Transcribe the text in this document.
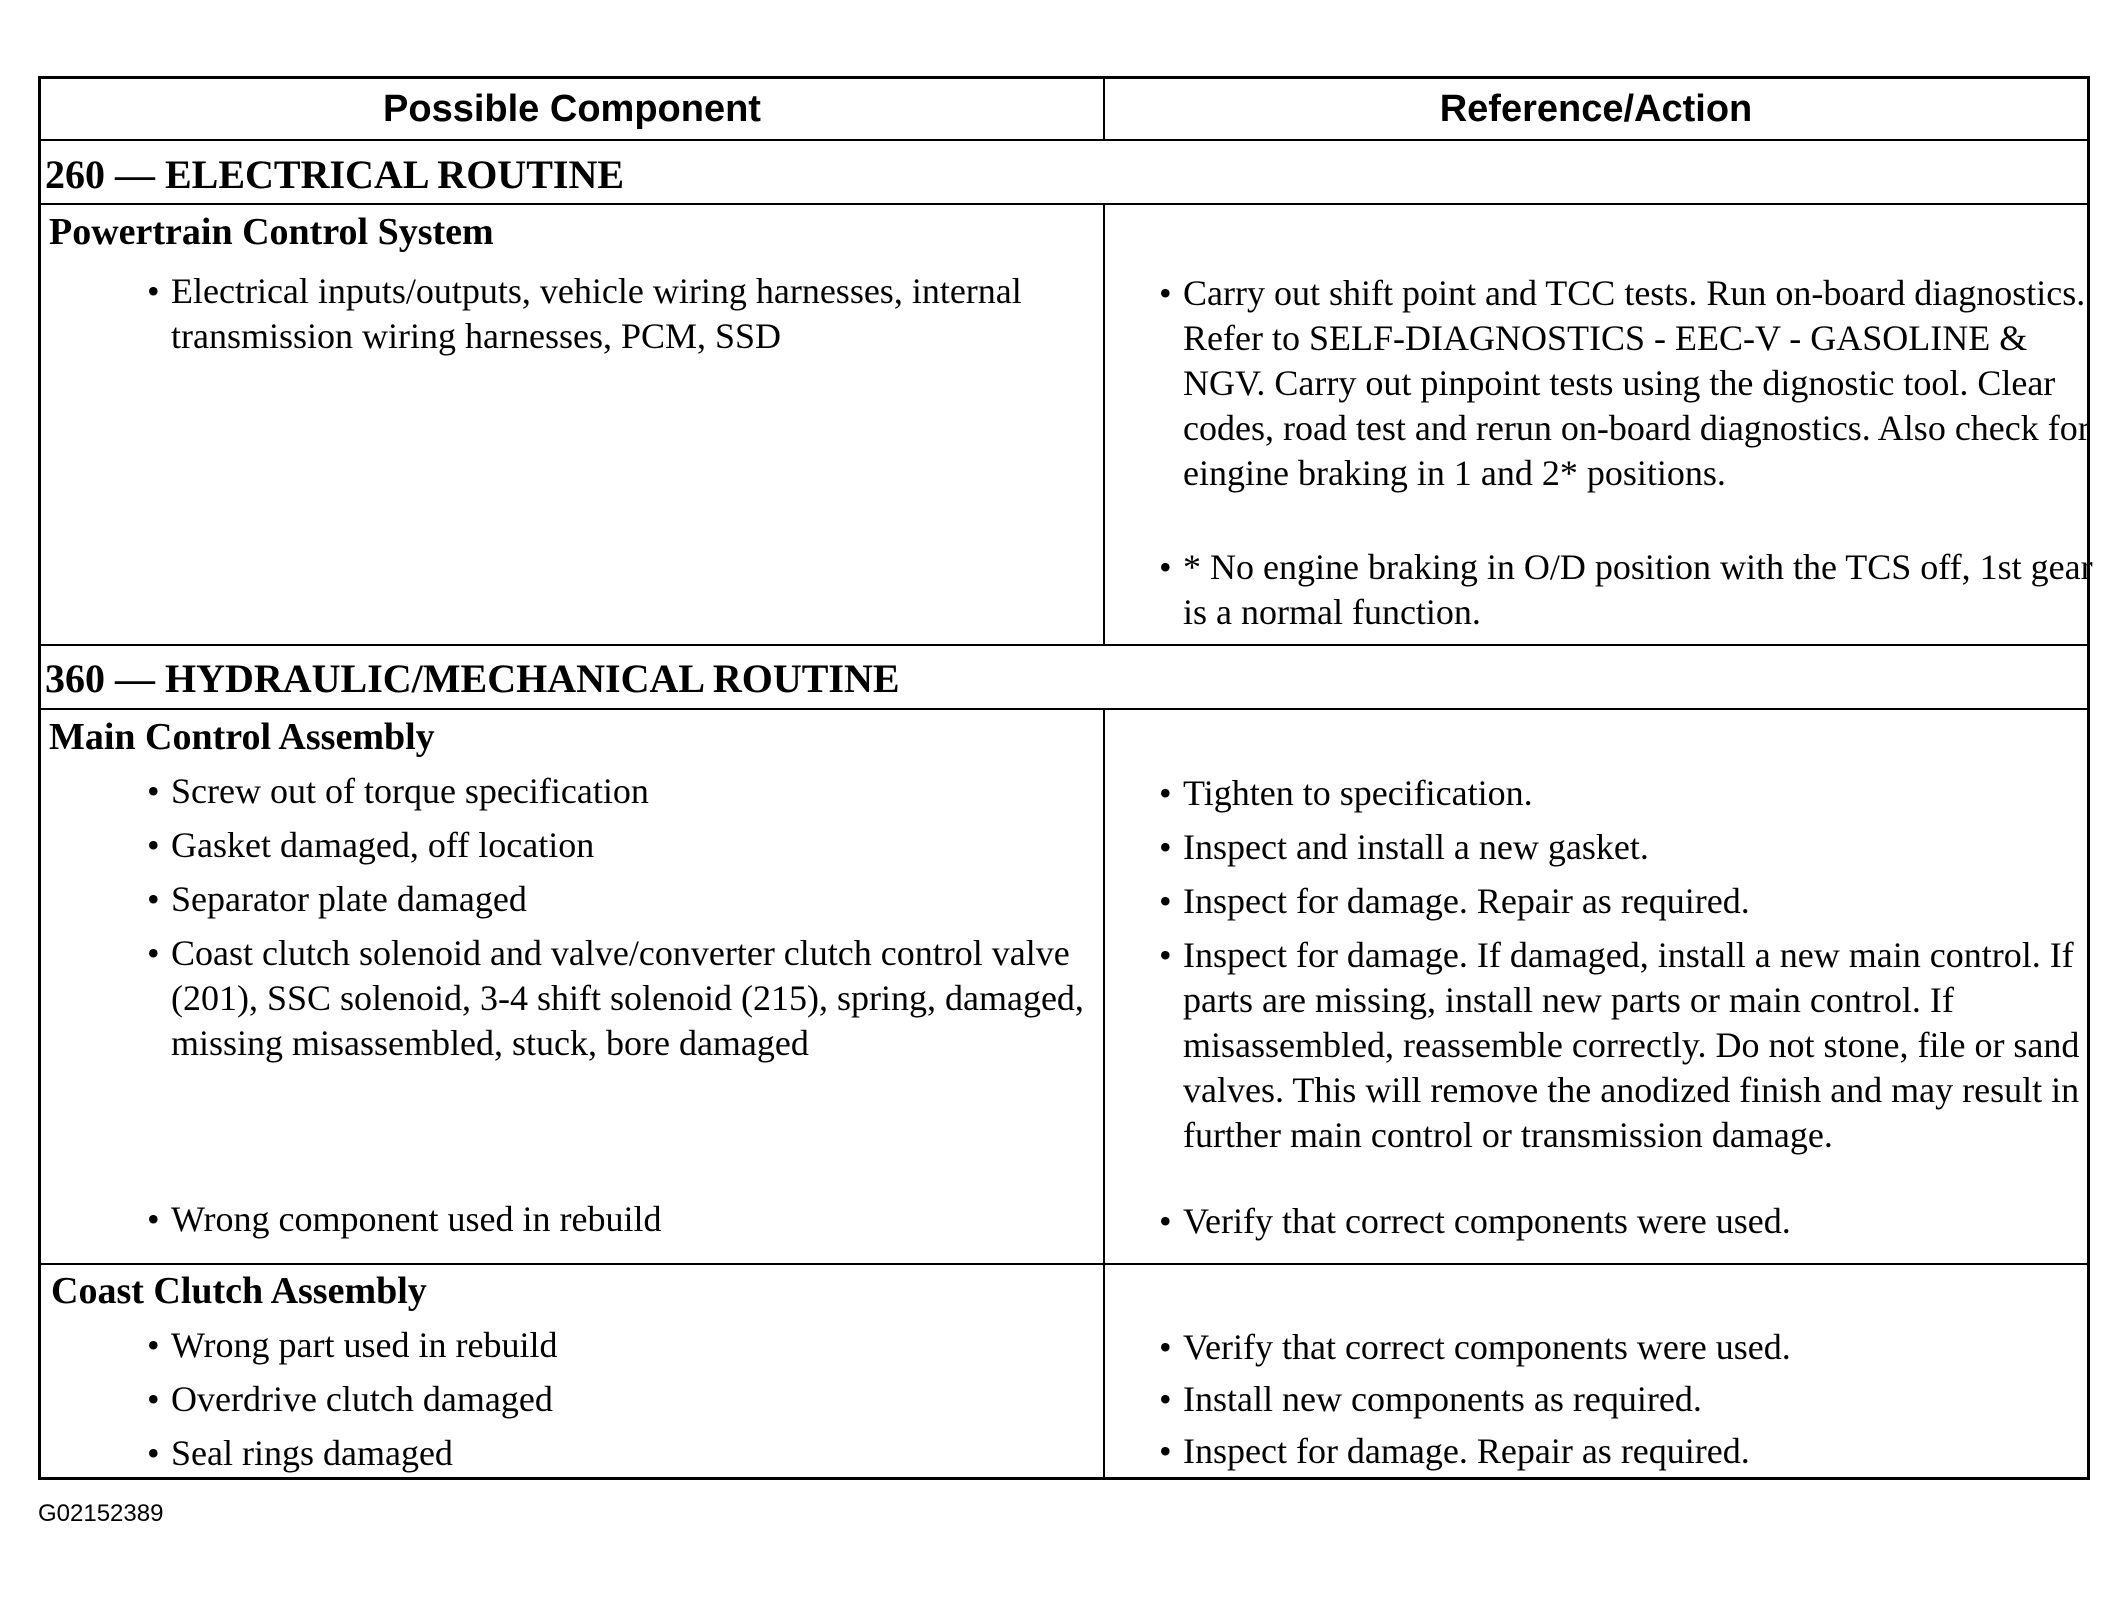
Possible Component	Reference/Action
260 — ELECTRICAL ROUTINE
Powertrain Control System
• Electrical inputs/outputs, vehicle wiring harnesses, internal transmission wiring harnesses, PCM, SSD
• Carry out shift point and TCC tests. Run on-board diagnostics. Refer to SELF-DIAGNOSTICS - EEC-V - GASOLINE & NGV. Carry out pinpoint tests using the dignostic tool. Clear codes, road test and rerun on-board diagnostics. Also check for eingine braking in 1 and 2* positions.
• * No engine braking in O/D position with the TCS off, 1st gear is a normal function.
360 — HYDRAULIC/MECHANICAL ROUTINE
Main Control Assembly
• Screw out of torque specification
• Gasket damaged, off location
• Separator plate damaged
• Coast clutch solenoid and valve/converter clutch control valve (201), SSC solenoid, 3-4 shift solenoid (215), spring, damaged, missing misassembled, stuck, bore damaged
• Wrong component used in rebuild
• Tighten to specification.
• Inspect and install a new gasket.
• Inspect for damage. Repair as required.
• Inspect for damage. If damaged, install a new main control. If parts are missing, install new parts or main control. If misassembled, reassemble correctly. Do not stone, file or sand valves. This will remove the anodized finish and may result in further main control or transmission damage.
• Verify that correct components were used.
Coast Clutch Assembly
• Wrong part used in rebuild
• Overdrive clutch damaged
• Seal rings damaged
• Verify that correct components were used.
• Install new components as required.
• Inspect for damage. Repair as required.
G02152389
